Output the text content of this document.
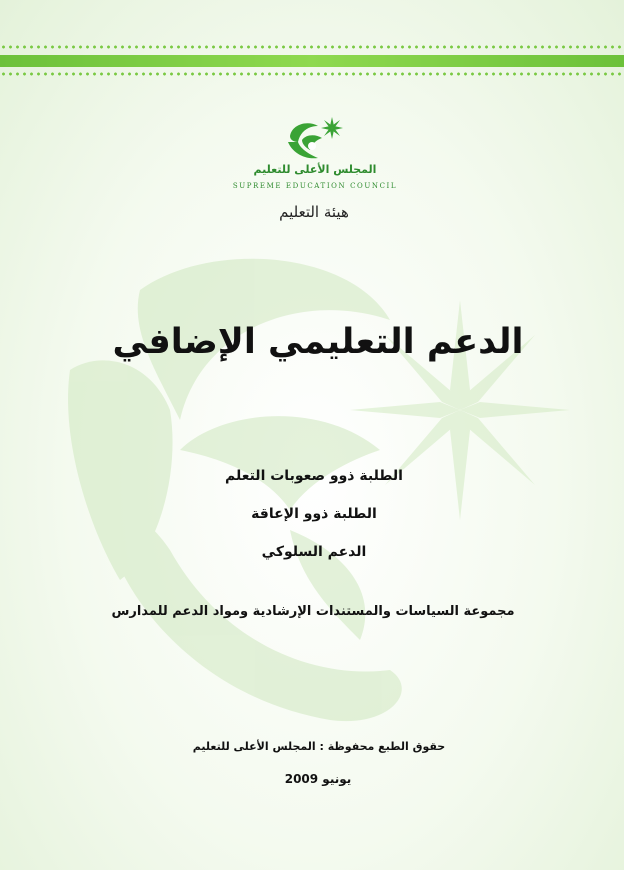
المجلس الأعلى للتعليم
SUPREME EDUCATION COUNCIL
هيئة التعليم
الدعم التعليمي الإضافي
الطلبة ذوو صعوبات التعلم
الطلبة ذوو الإعاقة
الدعم السلوكي
مجموعة السياسات والمستندات الإرشادية ومواد الدعم للمدارس
حقوق الطبع محفوظة : المجلس الأعلى للتعليم
يونيو 2009
